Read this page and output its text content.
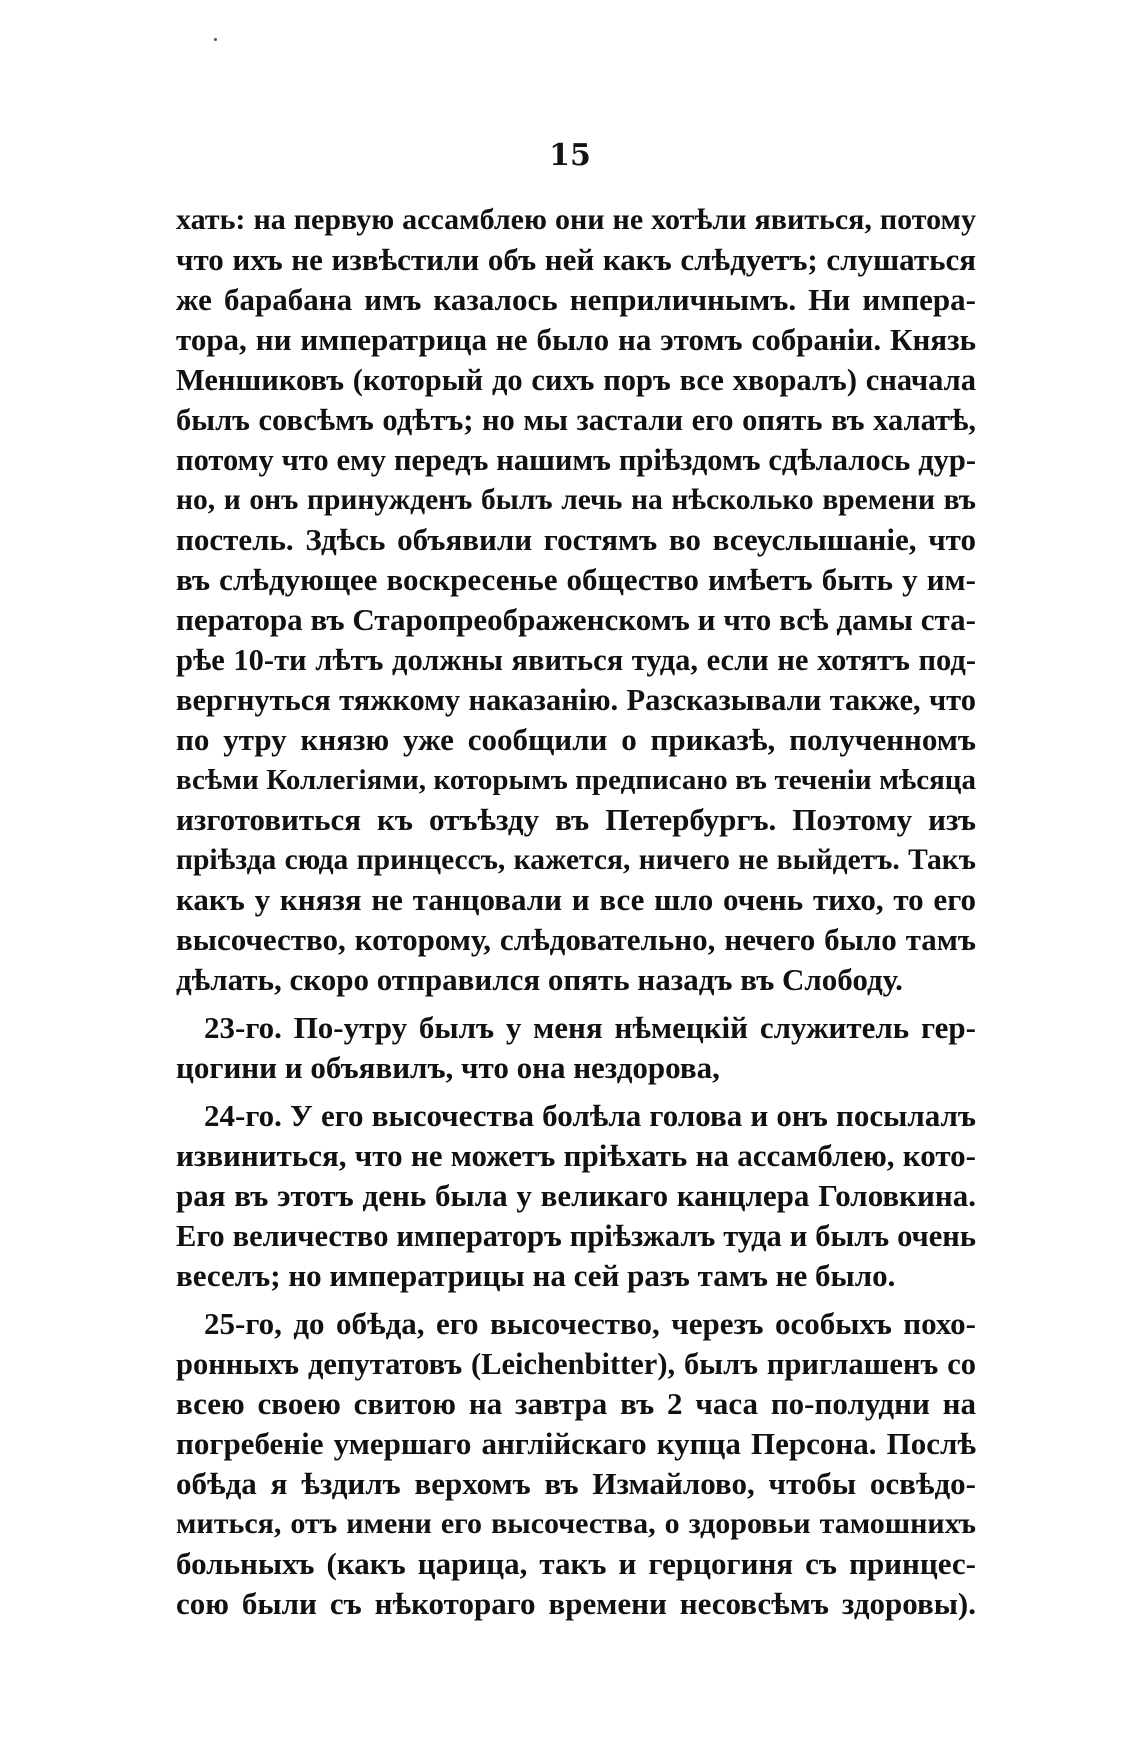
15
хать: на первую ассамблею они не хотѣли явиться, потому
что ихъ не извѣстили объ ней какъ слѣдуетъ; слушаться
же барабана имъ казалось неприличнымъ. Ни импера-
тора, ни императрица не было на этомъ собраніи. Князь
Меншиковъ (который до сихъ поръ все хворалъ) сначала
былъ совсѣмъ одѣтъ; но мы застали его опять въ халатѣ,
потому что ему передъ нашимъ пріѣздомъ сдѣлалось дур-
но, и онъ принужденъ былъ лечь на нѣсколько времени въ
постель. Здѣсь объявили гостямъ во всеуслышаніе, что
въ слѣдующее воскресенье общество имѣетъ быть у им-
ператора въ Старопреображенскомъ и что всѣ дамы ста-
рѣе 10-ти лѣтъ должны явиться туда, если не хотятъ под-
вергнуться тяжкому наказанію. Разсказывали также, что
по утру князю уже сообщили о приказѣ, полученномъ
всѣми Коллегіями, которымъ предписано въ теченіи мѣсяца
изготовиться къ отъѣзду въ Петербургъ. Поэтому изъ
пріѣзда сюда принцессъ, кажется, ничего не выйдетъ. Такъ
какъ у князя не танцовали и все шло очень тихо, то его
высочество, которому, слѣдовательно, нечего было тамъ
дѣлать, скоро отправился опять назадъ въ Слободу.
23-го. По-утру былъ у меня нѣмецкій служитель гер-
цогини и объявилъ, что она нездорова,
24-го. У его высочества болѣла голова и онъ посылалъ
извиниться, что не можетъ пріѣхать на ассамблею, кото-
рая въ этотъ день была у великаго канцлера Головкина.
Его величество императоръ пріѣзжалъ туда и былъ очень
веселъ; но императрицы на сей разъ тамъ не было.
25-го, до обѣда, его высочество, черезъ особыхъ похо-
ронныхъ депутатовъ (Leichenbitter), былъ приглашенъ со
всею своею свитою на завтра въ 2 часа по-полудни на
погребеніе умершаго англійскаго купца Персона. Послѣ
обѣда я ѣздилъ верхомъ въ Измайлово, чтобы освѣдо-
миться, отъ имени его высочества, о здоровьи тамошнихъ
больныхъ (какъ царица, такъ и герцогиня съ принцес-
сою были съ нѣкотораго времени несовсѣмъ здоровы).
